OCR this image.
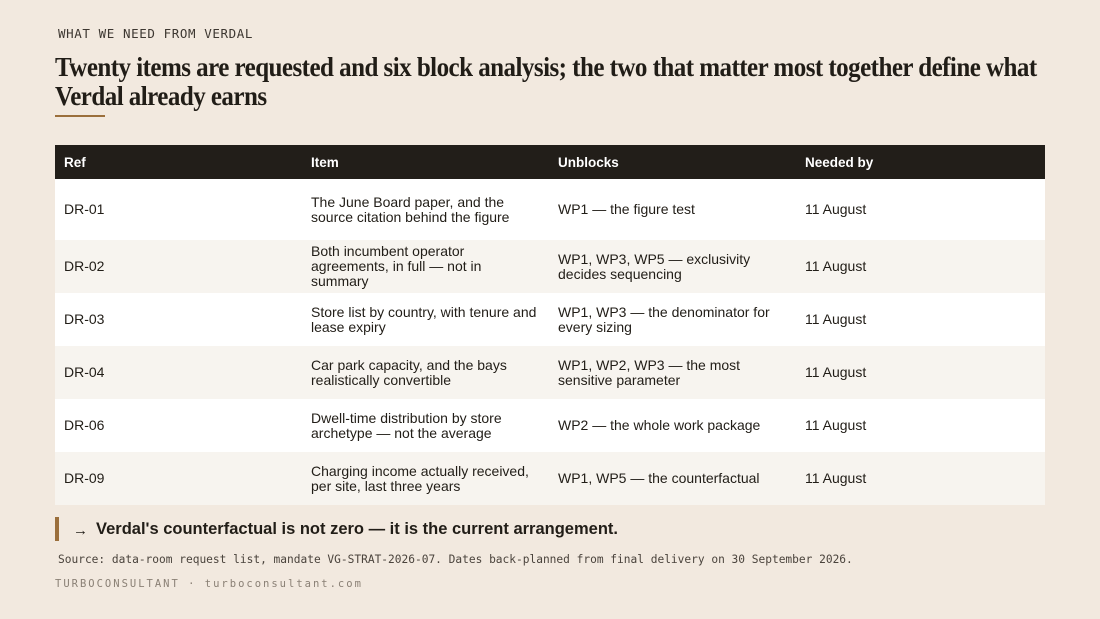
WHAT WE NEED FROM VERDAL
Twenty items are requested and six block analysis; the two that matter most together define what Verdal already earns
Ref	Item	Unblocks	Needed by
DR-01	The June Board paper, and the source citation behind the figure	WP1 — the figure test	11 August
DR-02	Both incumbent operator agreements, in full — not in summary	WP1, WP3, WP5 — exclusivity decides sequencing	11 August
DR-03	Store list by country, with tenure and lease expiry	WP1, WP3 — the denominator for every sizing	11 August
DR-04	Car park capacity, and the bays realistically convertible	WP1, WP2, WP3 — the most sensitive parameter	11 August
DR-06	Dwell-time distribution by store archetype — not the average	WP2 — the whole work package	11 August
DR-09	Charging income actually received, per site, last three years	WP1, WP5 — the counterfactual	11 August
→ Verdal's counterfactual is not zero — it is the current arrangement.
Source: data-room request list, mandate VG-STRAT-2026-07. Dates back-planned from final delivery on 30 September 2026.
TURBOCONSULTANT · turboconsultant.com
